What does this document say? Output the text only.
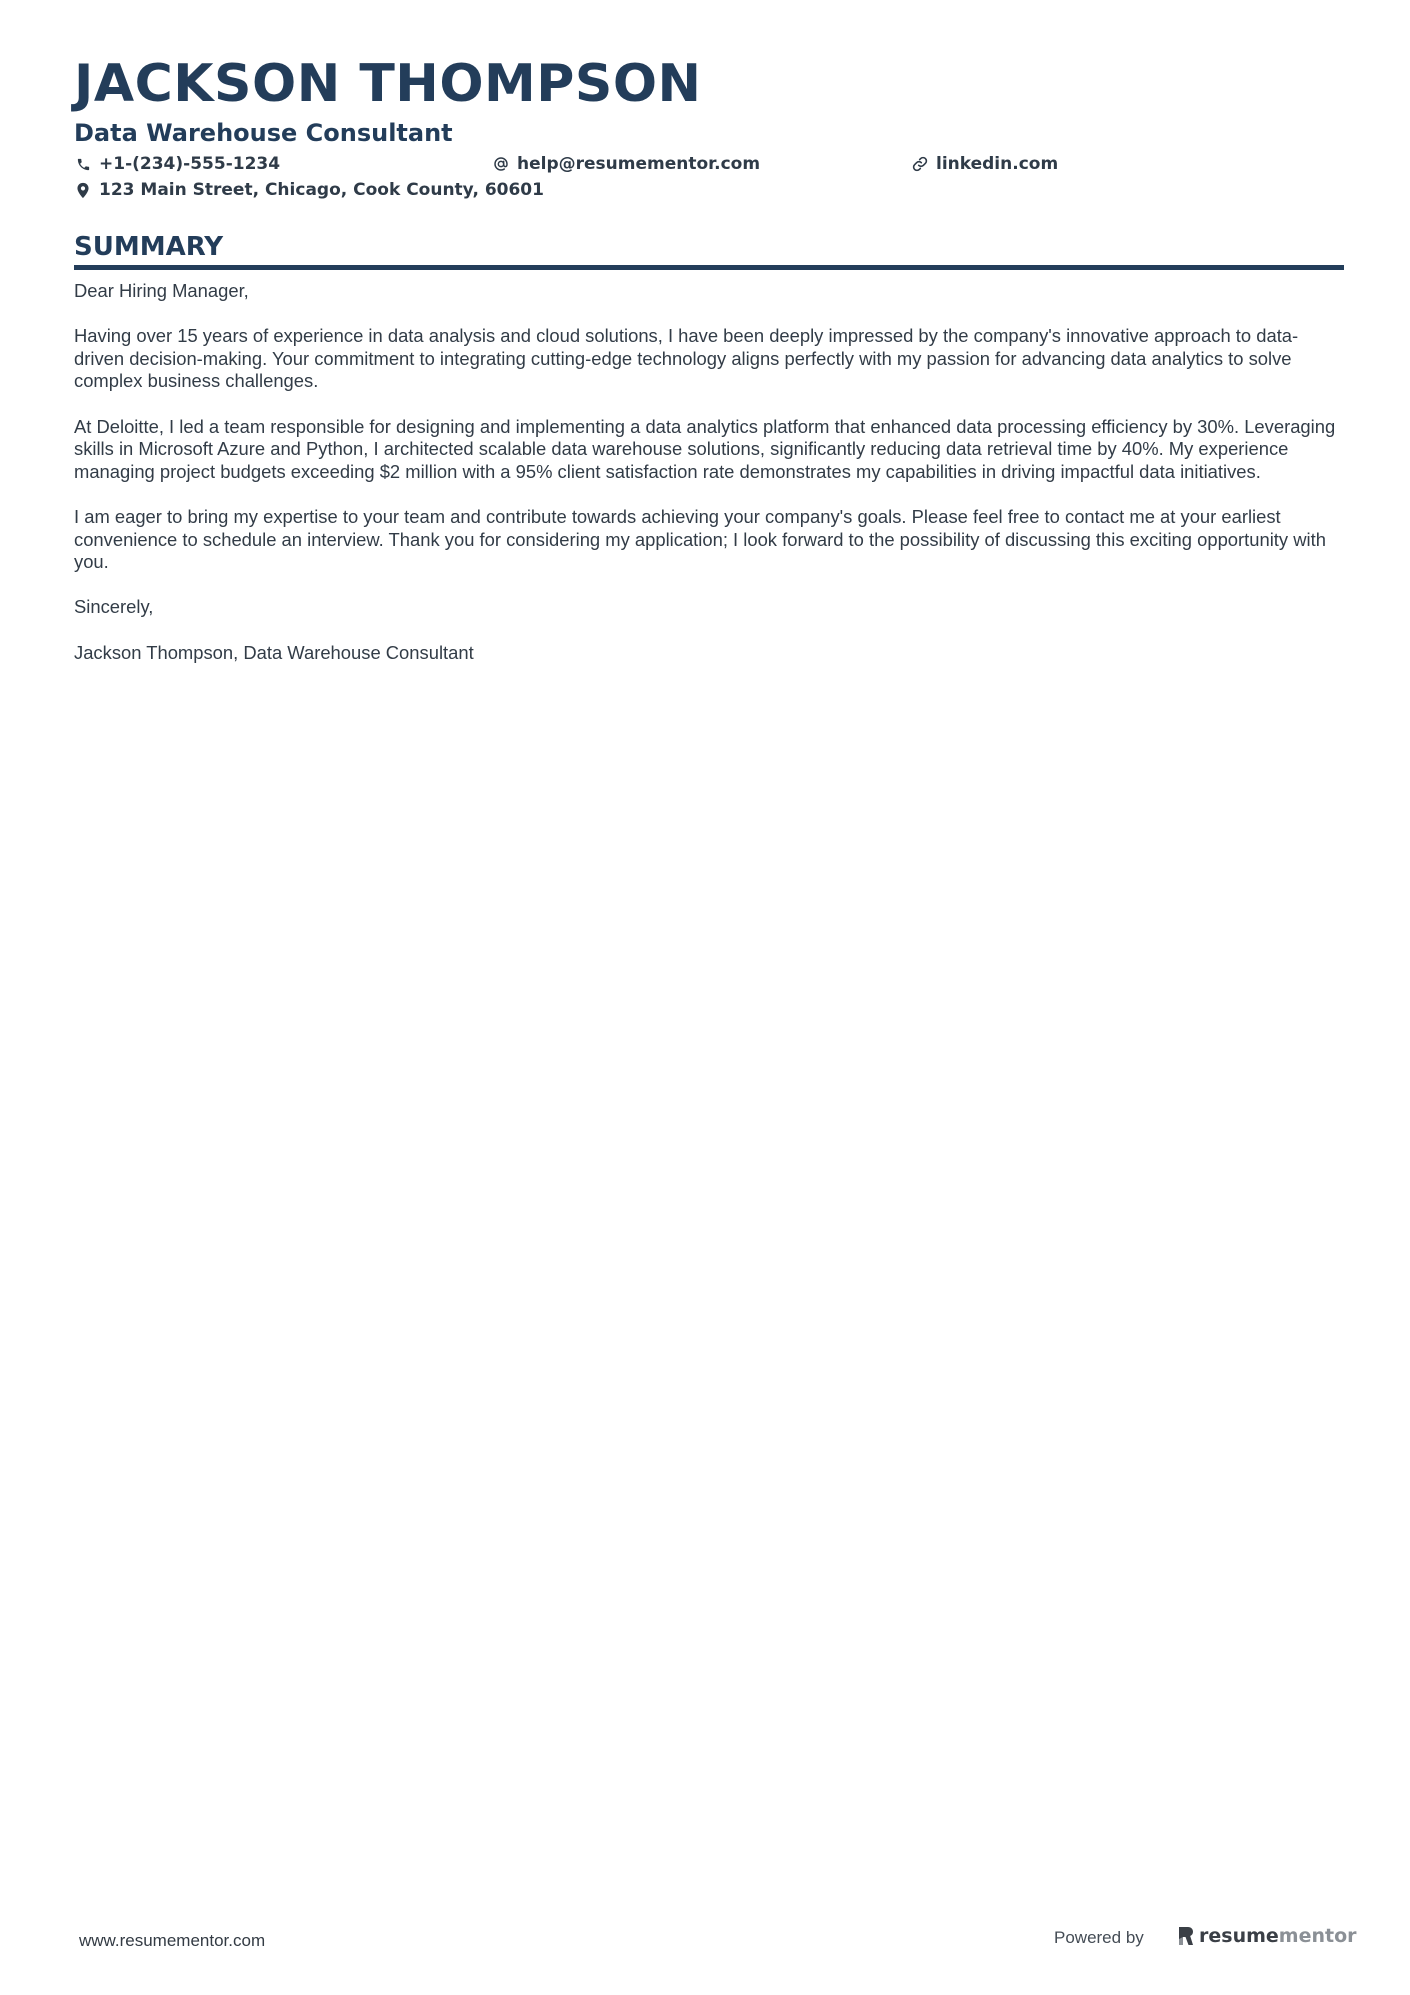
JACKSON THOMPSON
Data Warehouse Consultant
+1-(234)-555-1234	help@resumementor.com	linkedin.com
123 Main Street, Chicago, Cook County, 60601
SUMMARY

Dear Hiring Manager,

Having over 15 years of experience in data analysis and cloud solutions, I have been deeply impressed by the company's innovative approach to data-driven decision-making. Your commitment to integrating cutting-edge technology aligns perfectly with my passion for advancing data analytics to solve complex business challenges.

At Deloitte, I led a team responsible for designing and implementing a data analytics platform that enhanced data processing efficiency by 30%. Leveraging skills in Microsoft Azure and Python, I architected scalable data warehouse solutions, significantly reducing data retrieval time by 40%. My experience managing project budgets exceeding $2 million with a 95% client satisfaction rate demonstrates my capabilities in driving impactful data initiatives.

I am eager to bring my expertise to your team and contribute towards achieving your company's goals. Please feel free to contact me at your earliest convenience to schedule an interview. Thank you for considering my application; I look forward to the possibility of discussing this exciting opportunity with you.

Sincerely,

Jackson Thompson, Data Warehouse Consultant

www.resumementor.com	Powered by	resume mentor
